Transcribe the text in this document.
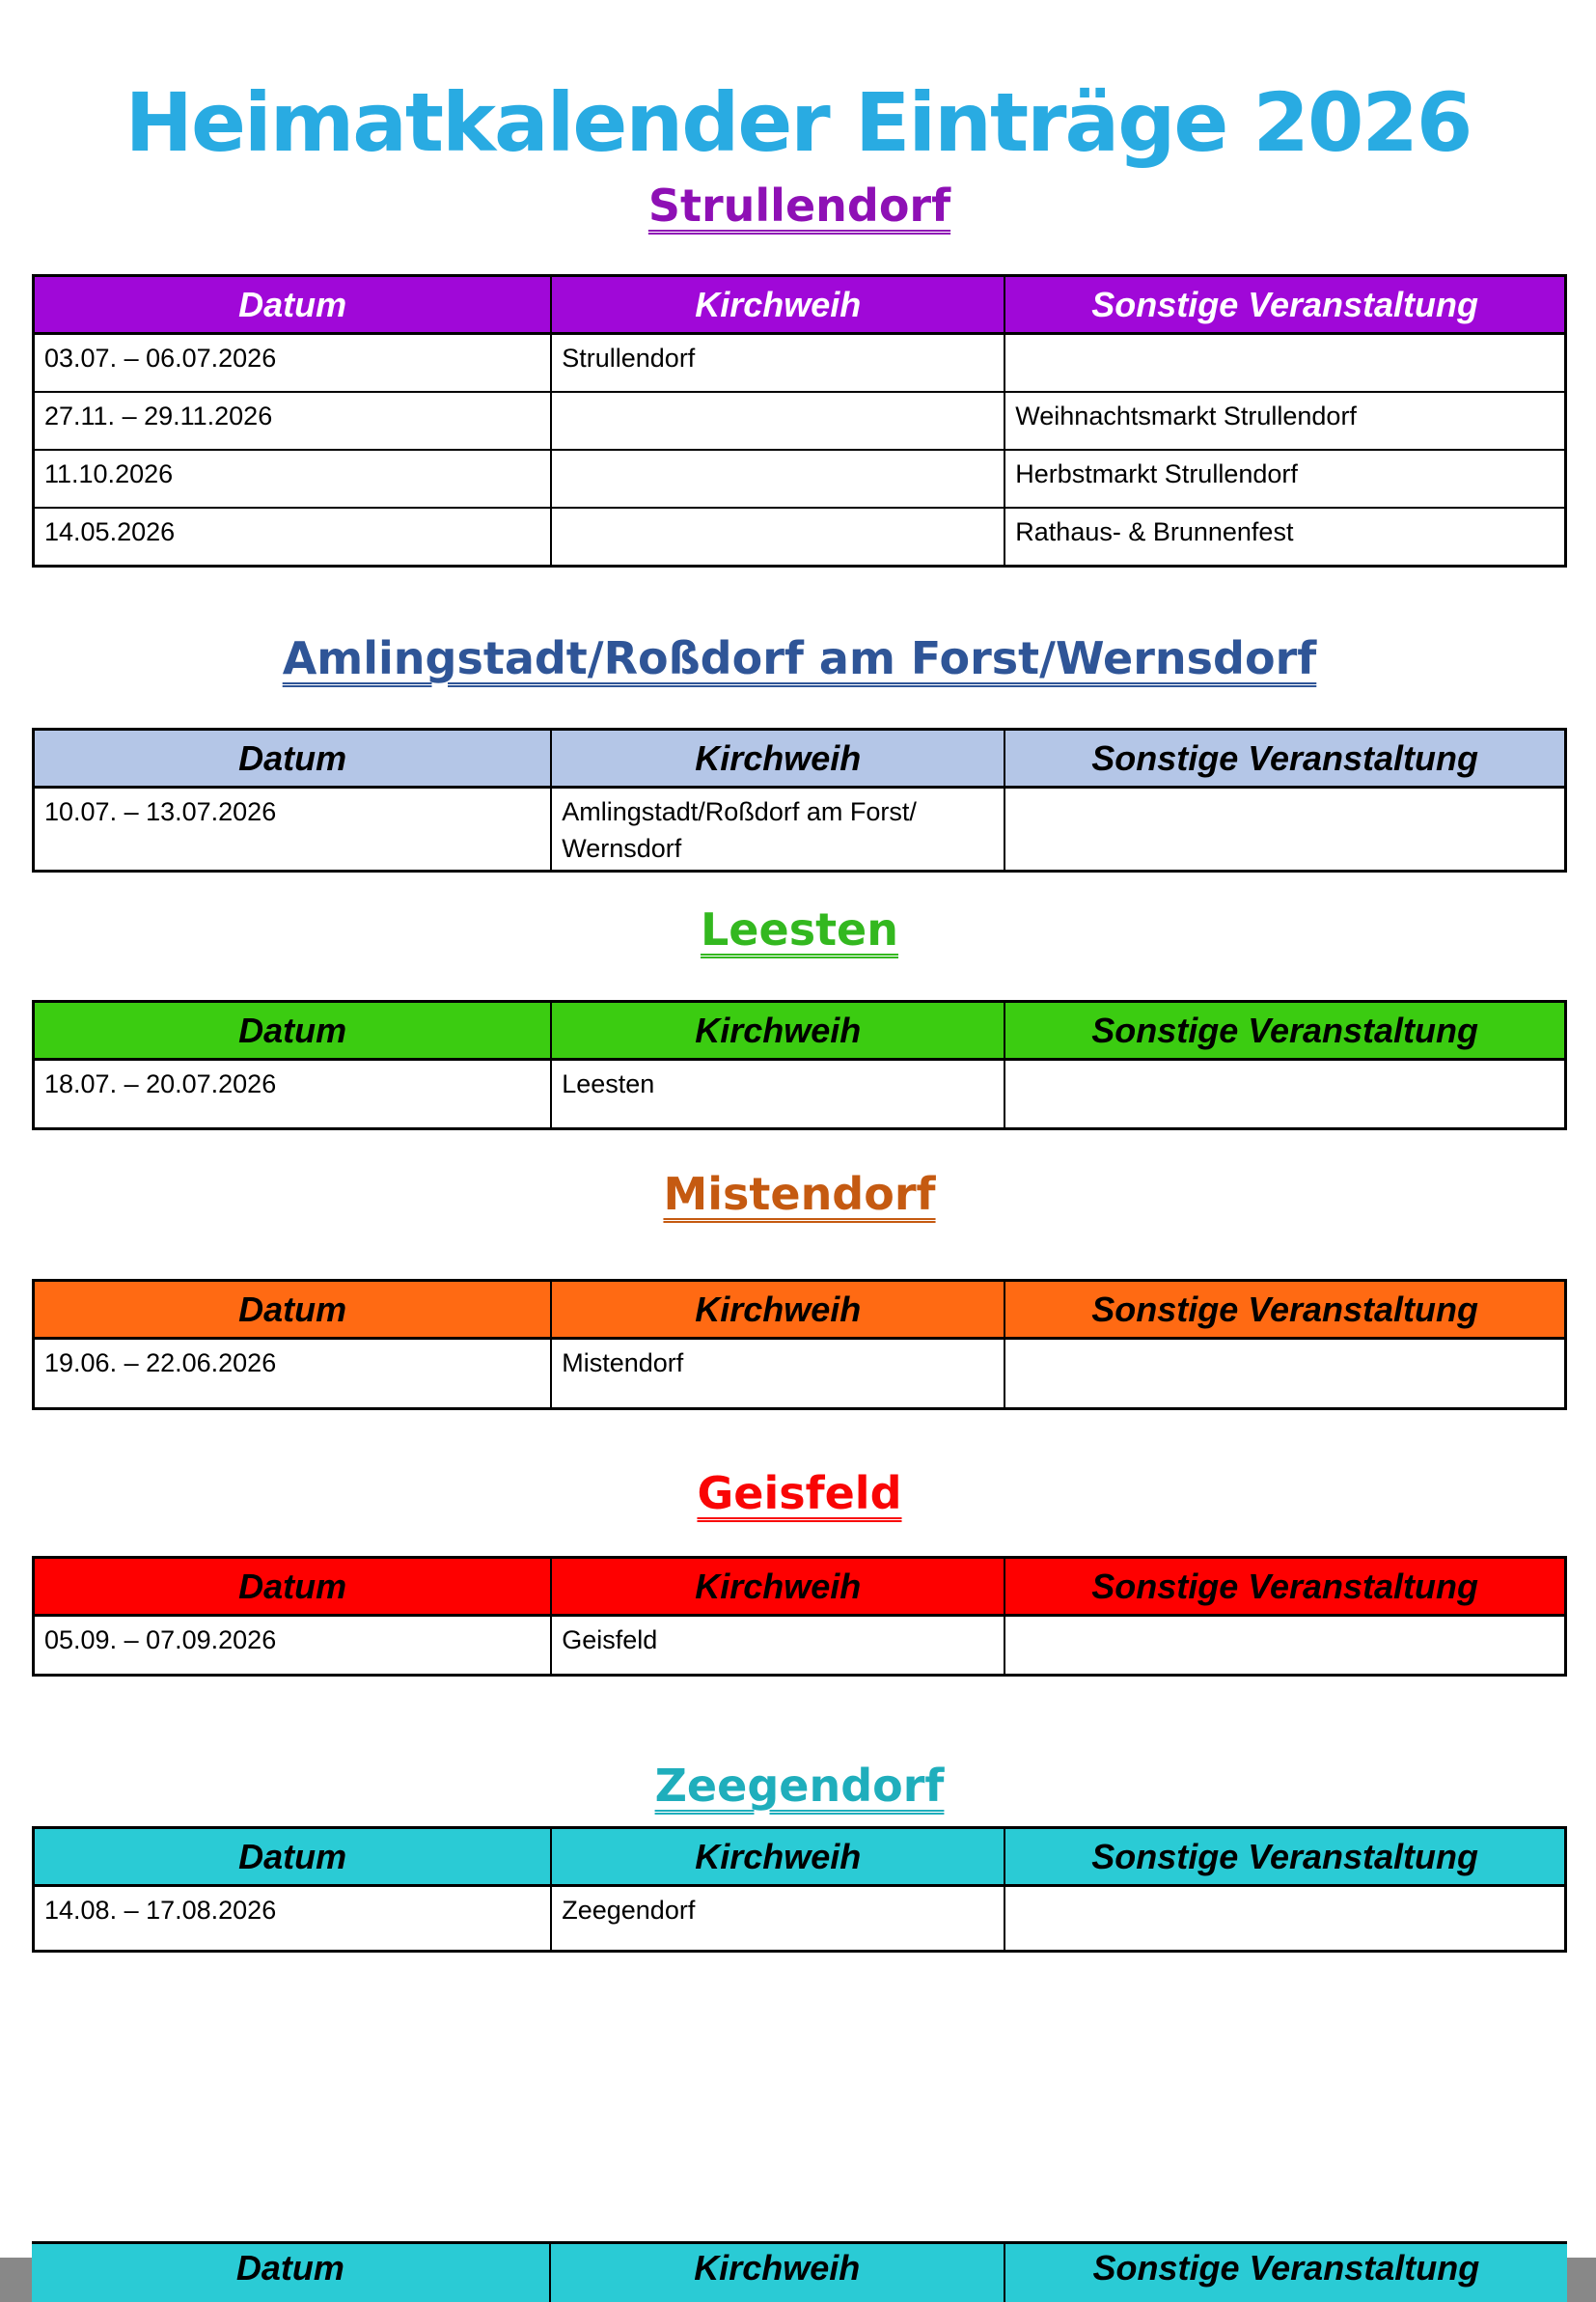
Heimatkalender Einträge 2026
Strullendorf
Datum	Kirchweih	Sonstige Veranstaltung
03.07. – 06.07.2026	Strullendorf	
27.11. – 29.11.2026		Weihnachtsmarkt Strullendorf
11.10.2026		Herbstmarkt Strullendorf
14.05.2026		Rathaus- & Brunnenfest
Amlingstadt/Roßdorf am Forst/Wernsdorf
Datum	Kirchweih	Sonstige Veranstaltung
10.07. – 13.07.2026	Amlingstadt/Roßdorf am Forst/ Wernsdorf	
Leesten
Datum	Kirchweih	Sonstige Veranstaltung
18.07. – 20.07.2026	Leesten	
Mistendorf
Datum	Kirchweih	Sonstige Veranstaltung
19.06. – 22.06.2026	Mistendorf	
Geisfeld
Datum	Kirchweih	Sonstige Veranstaltung
05.09. – 07.09.2026	Geisfeld	
Zeegendorf
Datum	Kirchweih	Sonstige Veranstaltung
14.08. – 17.08.2026	Zeegendorf	
Datum	Kirchweih	Sonstige Veranstaltung
